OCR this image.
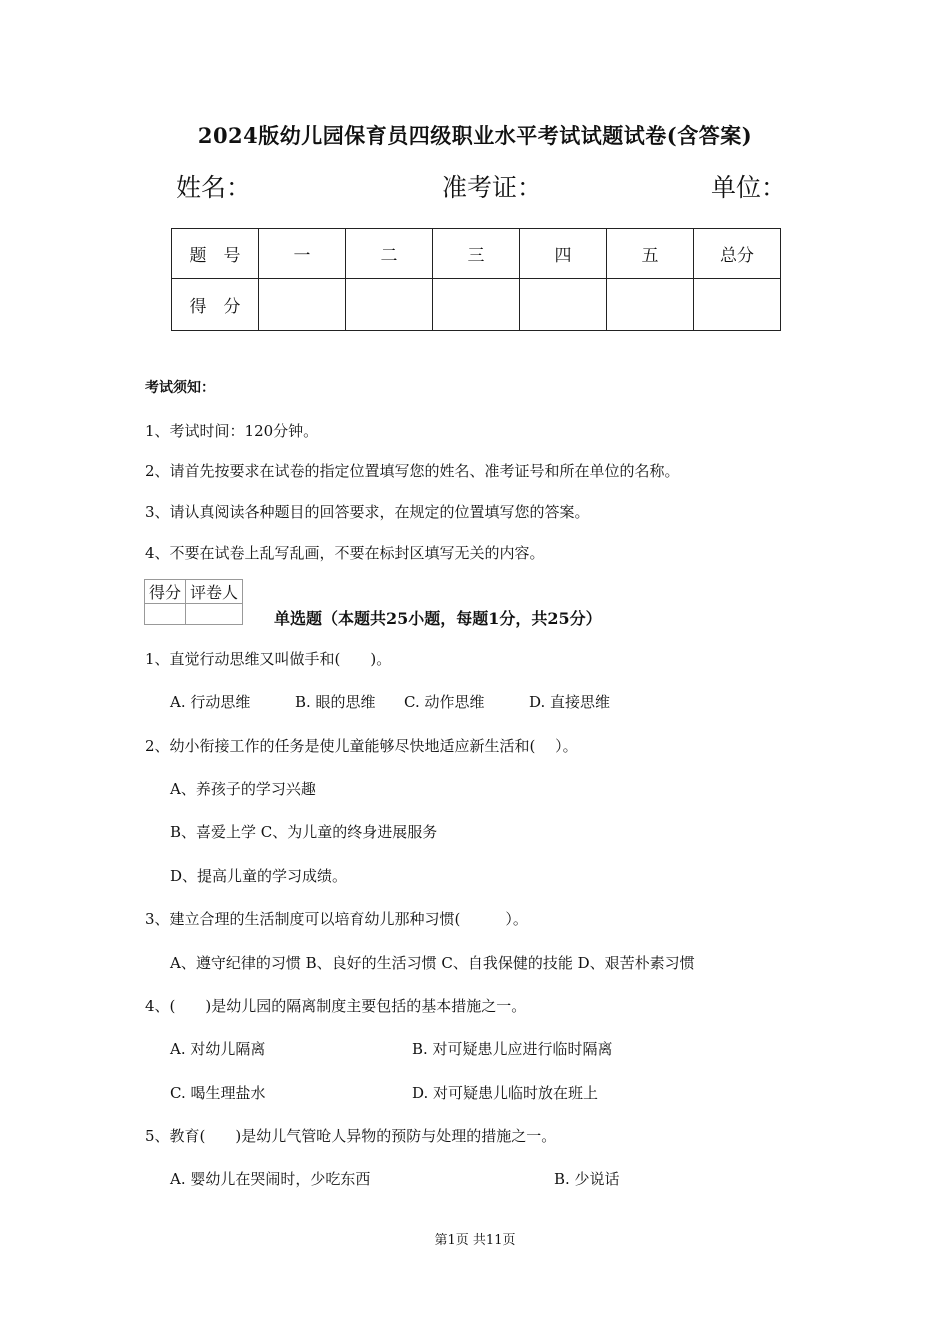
2024版幼儿园保育员四级职业水平考试试题试卷(含答案)
姓名：	准考证：	单位：
题　号	一	二	三	四	五	总分
得　分						
考试须知：
1、考试时间：120分钟。
2、请首先按要求在试卷的指定位置填写您的姓名、准考证号和所在单位的名称。
3、请认真阅读各种题目的回答要求，在规定的位置填写您的答案。
4、不要在试卷上乱写乱画，不要在标封区填写无关的内容。
得分	评卷人

单选题（本题共25小题，每题1分，共25分）
1、直觉行动思维又叫做手和(　　)。
A. 行动思维	B. 眼的思维 C. 动作思维	D. 直接思维
2、幼小衔接工作的任务是使儿童能够尽快地适应新生活和(　 ）。
A、养孩子的学习兴趣
B、喜爱上学 C、为儿童的终身进展服务
D、提高儿童的学习成绩。
3、建立合理的生活制度可以培育幼儿那种习惯(　　　）。
A、遵守纪律的习惯 B、良好的生活习惯 C、自我保健的技能 D、艰苦朴素习惯
4、(　　)是幼儿园的隔离制度主要包括的基本措施之一。
A. 对幼儿隔离	B. 对可疑患儿应进行临时隔离
C. 喝生理盐水	D. 对可疑患儿临时放在班上
5、教育(　　)是幼儿气管呛人异物的预防与处理的措施之一。
A. 婴幼儿在哭闹时，少吃东西	B. 少说话
第1页 共11页
